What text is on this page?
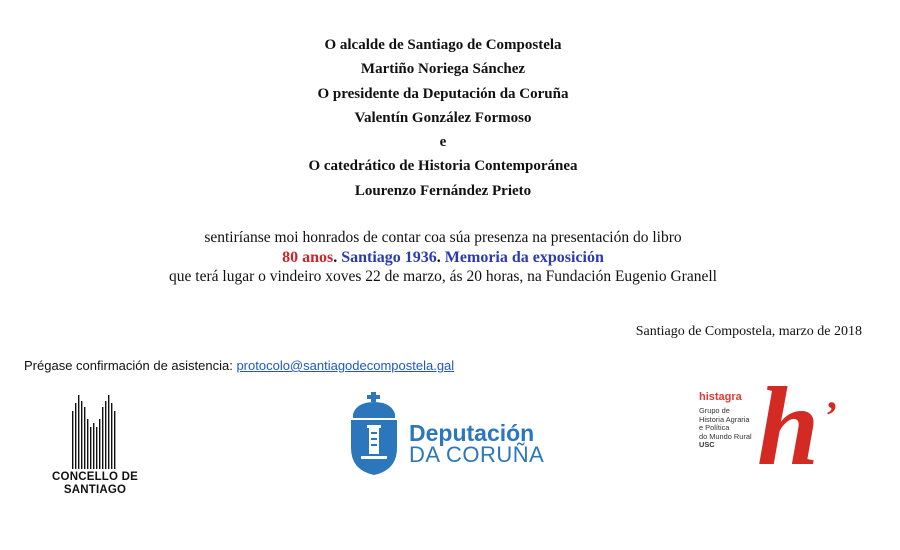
O alcalde de Santiago de Compostela
Martiño Noriega Sánchez
O presidente da Deputación da Coruña
Valentín González Formoso
e
O catedrático de Historia Contemporánea
Lourenzo Fernández Prieto
sentiríanse moi honrados de contar coa súa presenza na presentación do libro
80 anos. Santiago 1936. Memoria da exposición
que terá lugar o vindeiro xoves 22 de marzo, ás 20 horas, na Fundación Eugenio Granell
Santiago de Compostela, marzo de 2018
Prégase confirmación de asistencia: protocolo@santiagodecompostela.gal
CONCELLO DE
SANTIAGO
Deputación
DA CORUÑA
histagra
Grupo de
Historia Agraria
e Política
do Mundo Rural
USC h ’
